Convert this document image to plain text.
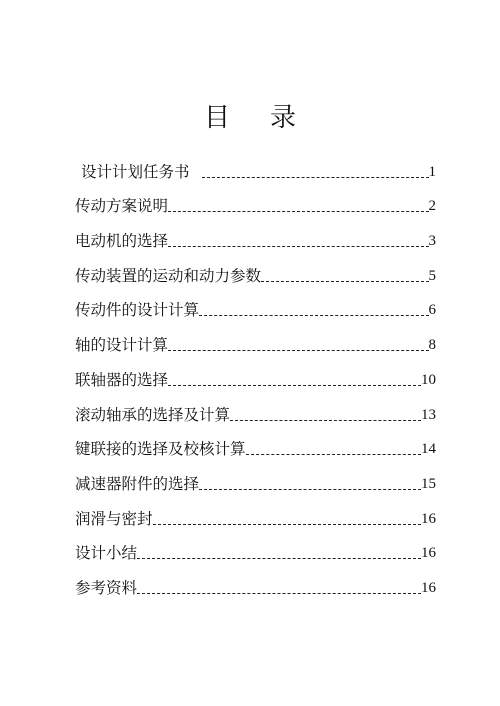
目 录
设计计划任务书	1
传动方案说明	2
电动机的选择	3
传动装置的运动和动力参数	5
传动件的设计计算	6
轴的设计计算	8
联轴器的选择	10
滚动轴承的选择及计算	13
键联接的选择及校核计算	14
减速器附件的选择	15
润滑与密封	16
设计小结	16
参考资料	16
